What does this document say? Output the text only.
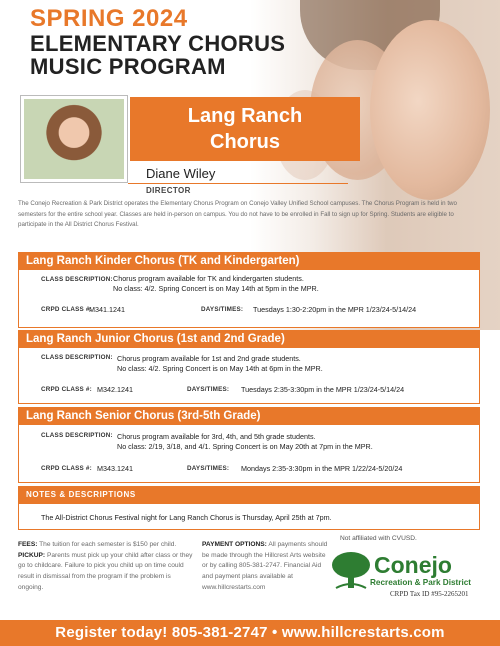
SPRING 2024
ELEMENTARY CHORUS
MUSIC PROGRAM
Lang Ranch
Chorus
Diane Wiley
DIRECTOR
The Conejo Recreation & Park District operates the Elementary Chorus Program on Conejo Valley Unified School campuses. The Chorus Program is held in two semesters for the entire school year. Classes are held in-person on campus. You do not have to be enrolled in Fall to sign up for Spring. Students are eligible to participate in the All District Chorus Festival.
Lang Ranch Kinder Chorus (TK and Kindergarten)
CLASS DESCRIPTION: Chorus program available for TK and kindergarten students.
No class: 4/2. Spring Concert is on May 14th at 5pm in the MPR.
CRPD CLASS #:
M341.1241	DAYS/TIMES: Tuesdays 1:30-2:20pm in the MPR 1/23/24-5/14/24
Lang Ranch Junior Chorus (1st and 2nd Grade)
CLASS DESCRIPTION: Chorus program available for 1st and 2nd grade students.
No class: 4/2. Spring Concert is on May 14th at 6pm in the MPR.
CRPD CLASS #: M342.1241	DAYS/TIMES: Tuesdays 2:35-3:30pm in the MPR 1/23/24-5/14/24
Lang Ranch Senior Chorus (3rd-5th Grade)
CLASS DESCRIPTION: Chorus program available for 3rd, 4th, and 5th grade students.
No class: 2/19, 3/18, and 4/1. Spring Concert is on May 20th at 7pm in the MPR.
CRPD CLASS #: M343.1241	DAYS/TIMES: Mondays 2:35-3:30pm in the MPR 1/22/24-5/20/24
NOTES & DESCRIPTIONS
The All-District Chorus Festival night for Lang Ranch Chorus is Thursday, April 25th at 7pm.
FEES: The tuition for each semester is $150 per child. PICKUP: Parents must pick up your child after class or they go to childcare. Failure to pick you child up on time could result in dismissal from the program if the problem is ongoing.
PAYMENT OPTIONS: All payments should be made through the Hillcrest Arts website or by calling 805-381-2747. Financial Aid and payment plans available at www.hillcrestarts.com
Not affiliated with CVUSD.
Conejo
Recreation & Park District
CRPD Tax ID #95-2265201
Register today! 805-381-2747 • www.hillcrestarts.com
